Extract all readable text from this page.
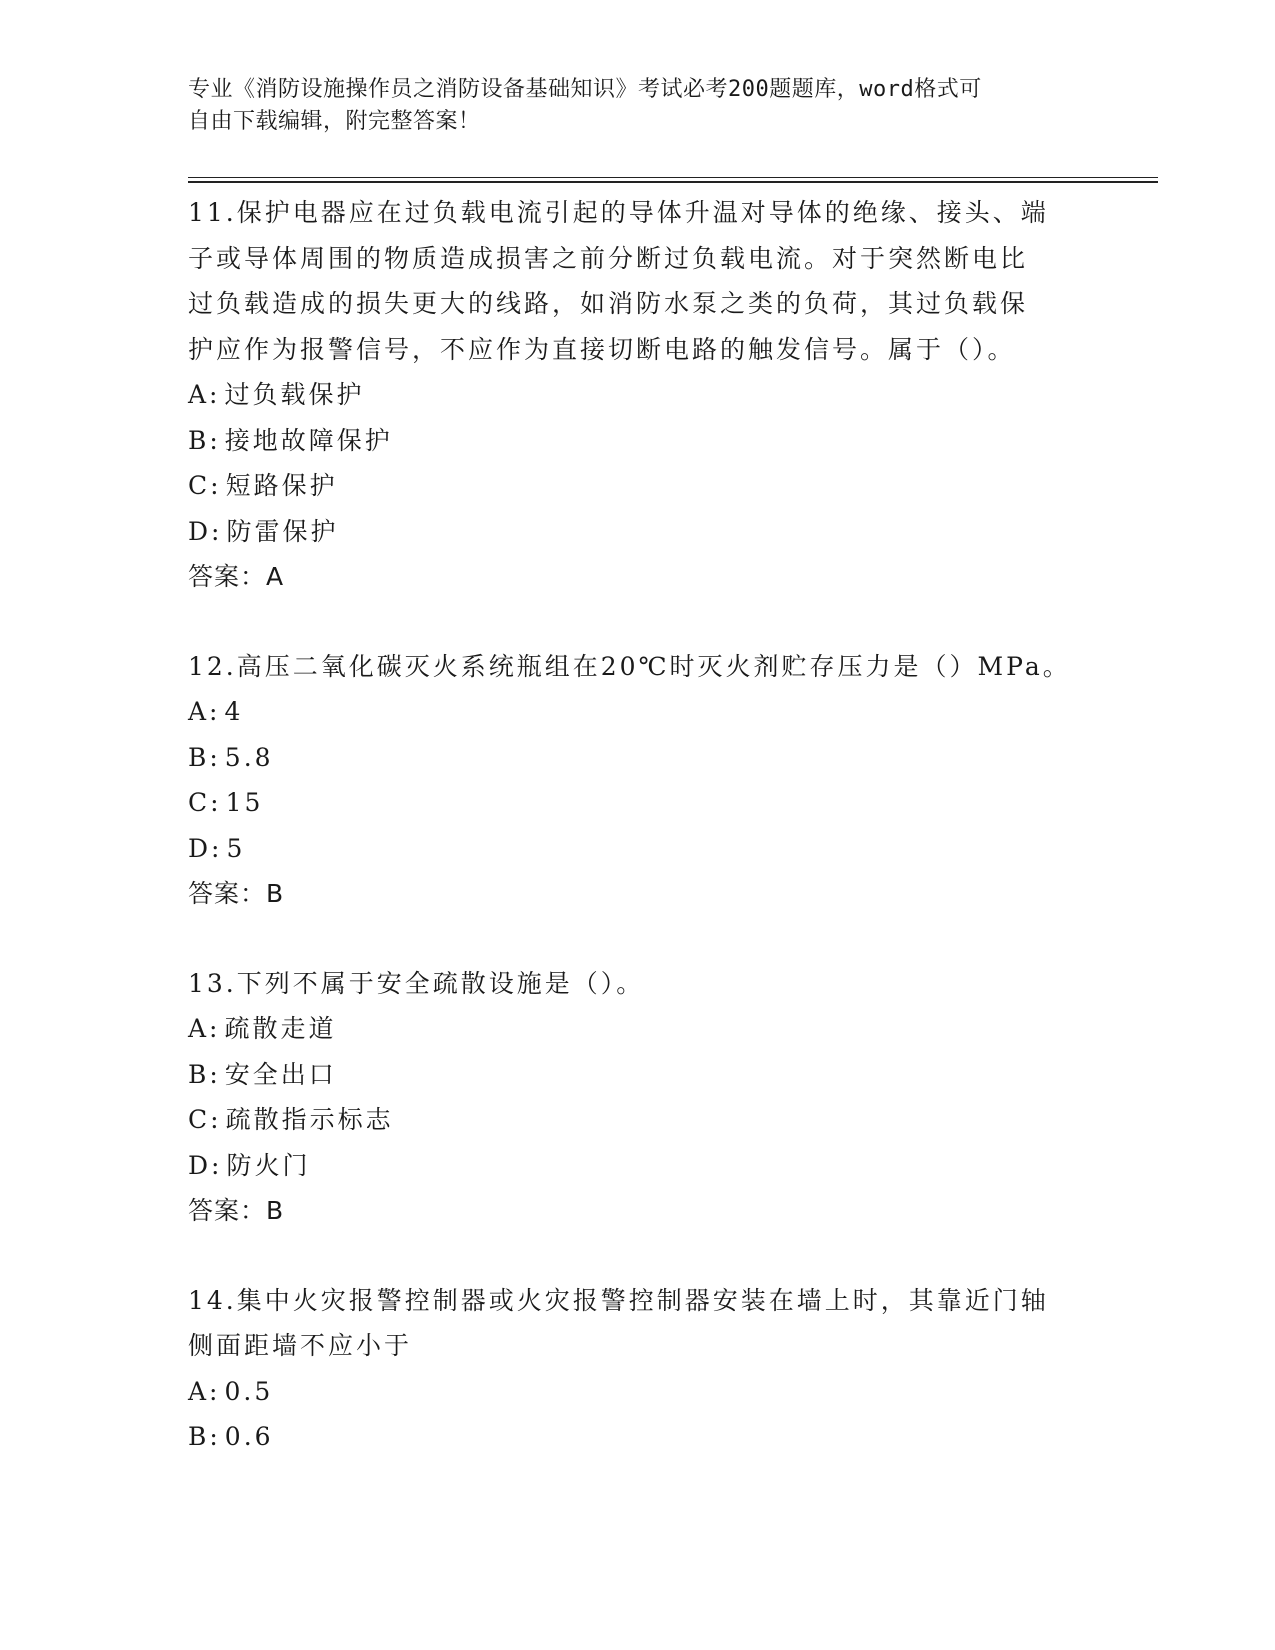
专业《消防设施操作员之消防设备基础知识》考试必考200题题库，word格式可
自由下载编辑，附完整答案！
11.保护电器应在过负载电流引起的导体升温对导体的绝缘、接头、端
子或导体周围的物质造成损害之前分断过负载电流。对于突然断电比
过负载造成的损失更大的线路，如消防水泵之类的负荷，其过负载保
护应作为报警信号，不应作为直接切断电路的触发信号。属于（）。
A: 过负载保护
B: 接地故障保护
C: 短路保护
D: 防雷保护
答案：A
12.高压二氧化碳灭火系统瓶组在20℃时灭火剂贮存压力是（）MPa。
A: 4
B: 5.8
C: 15
D: 5
答案：B
13.下列不属于安全疏散设施是（）。
A: 疏散走道
B: 安全出口
C: 疏散指示标志
D: 防火门
答案：B
14.集中火灾报警控制器或火灾报警控制器安装在墙上时，其靠近门轴
侧面距墙不应小于
A: 0.5
B: 0.6
